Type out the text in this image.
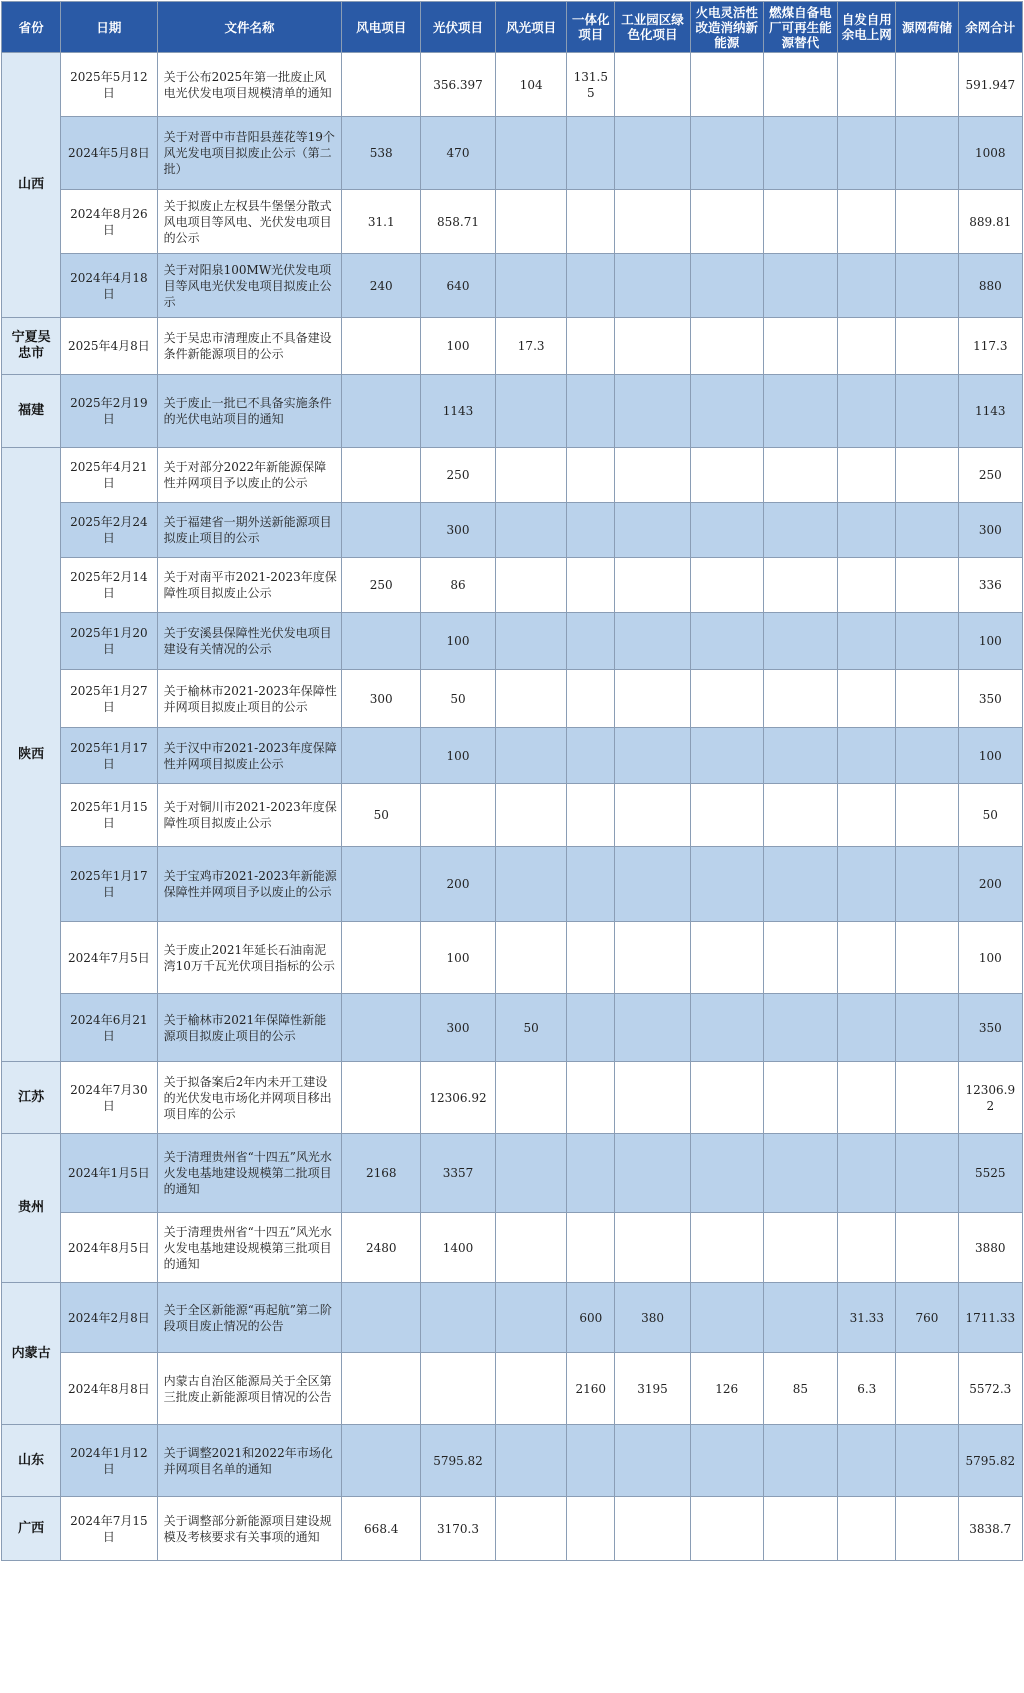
省份	日期	文件名称	风电项目	光伏项目	风光项目	一体化项目	工业园区绿色化项目	火电灵活性改造消纳新能源	燃煤自备电厂可再生能源替代	自发自用余电上网	源网荷储	余网合计
山西	2025年5月12日	关于公布2025年第一批废止风电光伏发电项目规模清单的通知		356.397	104	131.55						591.947
	2024年5月8日	关于对晋中市昔阳县莲花等19个风光发电项目拟废止公示（第二批）	538	470								1008
	2024年8月26日	关于拟废止左权县牛堡堡分散式风电项目等风电、光伏发电项目的公示	31.1	858.71								889.81
	2024年4月18日	关于对阳泉100MW光伏发电项目等风电光伏发电项目拟废止公示	240	640								880
宁夏吴忠市	2025年4月8日	关于吴忠市清理废止不具备建设条件新能源项目的公示		100	17.3							117.3
福建	2025年2月19日	关于废止一批已不具备实施条件的光伏电站项目的通知		1143								1143
陕西	2025年4月21日	关于对部分2022年新能源保障性并网项目予以废止的公示		250								250
	2025年2月24日	关于福建省一期外送新能源项目拟废止项目的公示		300								300
	2025年2月14日	关于对南平市2021-2023年度保障性项目拟废止公示	250	86								336
	2025年1月20日	关于安溪县保障性光伏发电项目建设有关情况的公示		100								100
	2025年1月27日	关于榆林市2021-2023年保障性并网项目拟废止项目的公示	300	50								350
	2025年1月17日	关于汉中市2021-2023年度保障性并网项目拟废止公示		100								100
	2025年1月15日	关于对铜川市2021-2023年度保障性项目拟废止公示	50									50
	2025年1月17日	关于宝鸡市2021-2023年新能源保障性并网项目予以废止的公示		200								200
	2024年7月5日	关于废止2021年延长石油南泥湾10万千瓦光伏项目指标的公示		100								100
	2024年6月21日	关于榆林市2021年保障性新能源项目拟废止项目的公示		300	50							350
江苏	2024年7月30日	关于拟备案后2年内未开工建设的光伏发电市场化并网项目移出项目库的公示		12306.92								12306.92
贵州	2024年1月5日	关于清理贵州省“十四五”风光水火发电基地建设规模第二批项目的通知	2168	3357								5525
	2024年8月5日	关于清理贵州省“十四五”风光水火发电基地建设规模第三批项目的通知	2480	1400								3880
内蒙古	2024年2月8日	关于全区新能源“再起航”第二阶段项目废止情况的公告				600	380			31.33	760	1711.33
	2024年8月8日	内蒙古自治区能源局关于全区第三批废止新能源项目情况的公告				2160	3195	126	85	6.3		5572.3
山东	2024年1月12日	关于调整2021和2022年市场化并网项目名单的通知		5795.82								5795.82
广西	2024年7月15日	关于调整部分新能源项目建设规模及考核要求有关事项的通知	668.4	3170.3								3838.7
